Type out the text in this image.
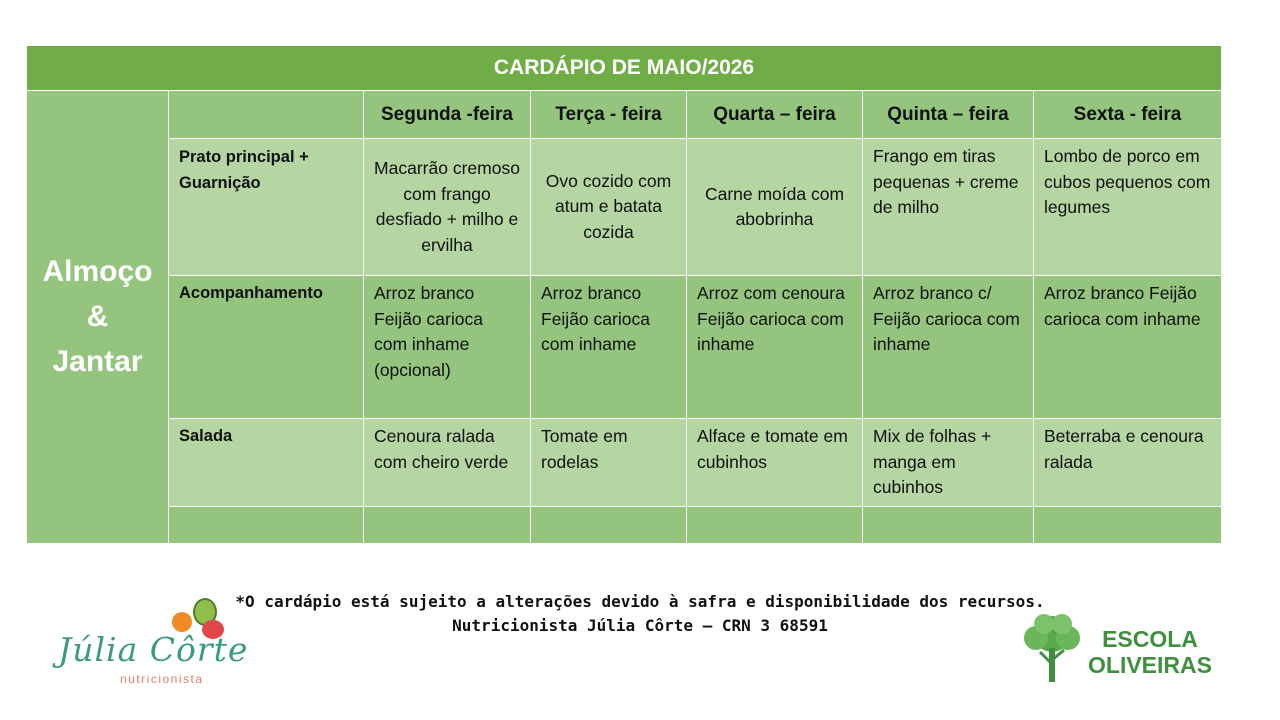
CARDÁPIO DE MAIO/2026						

Almoço
&
Jantar		Segunda -feira	Terça - feira	Quarta – feira	Quinta – feira	Sexta - feira
	Prato principal + Guarnição	Macarrão cremoso com frango desfiado + milho e ervilha	Ovo cozido com atum e batata cozida	Carne moída com abobrinha	Frango em tiras pequenas + creme de milho	Lombo de porco em cubos pequenos com legumes
	Acompanhamento	Arroz branco Feijão carioca com inhame (opcional)	Arroz branco Feijão carioca com inhame	Arroz com cenoura Feijão carioca com inhame	Arroz branco c/ Feijão carioca com inhame	Arroz branco Feijão carioca com inhame
	Salada	Cenoura ralada com cheiro verde	Tomate em rodelas	Alface e tomate em cubinhos	Mix de folhas + manga em cubinhos	Beterraba e cenoura ralada

*O cardápio está sujeito a alterações devido à safra e disponibilidade dos recursos.
Nutricionista Júlia Côrte – CRN 3 68591
Júlia Côrte
nutricionista
ESCOLA
OLIVEIRAS
